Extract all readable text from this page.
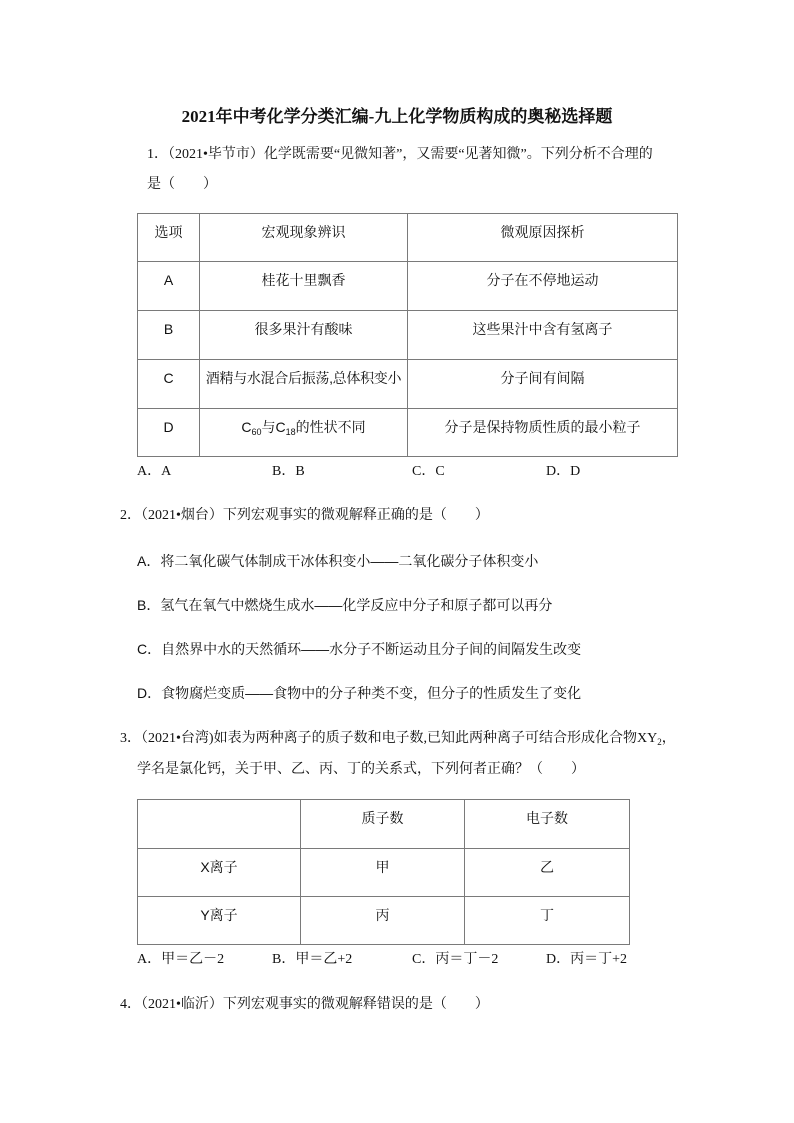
2021年中考化学分类汇编-九上化学物质构成的奥秘选择题
1．（2021•毕节市）化学既需要“见微知著”，又需要“见著知微”。下列分析不合理的
是（　　）
选项	宏观现象辨识	微观原因探析
A	桂花十里飘香	分子在不停地运动
B	很多果汁有酸味	这些果汁中含有氢离子
C	酒精与水混合后振荡,总体积变小	分子间有间隔
D	$C_{60}$与$C_{18}$的性状不同	分子是保持物质性质的最小粒子
A．A	B．B	C．C	D．D
2．（2021•烟台）下列宏观事实的微观解释正确的是（　　）
A．将二氧化碳气体制成干冰体积变小——二氧化碳分子体积变小
B．氢气在氧气中燃烧生成水——化学反应中分子和原子都可以再分
C．自然界中水的天然循环——水分子不断运动且分子间的间隔发生改变
D．食物腐烂变质——食物中的分子种类不变，但分子的性质发生了变化
3．（2021•台湾)如表为两种离子的质子数和电子数,已知此两种离子可结合形成化合物$XY_2$，
学名是氯化钙，关于甲、乙、丙、丁的关系式，下列何者正确？（　　）
	质子数	电子数
X离子	甲	乙
Y离子	丙	丁
A．甲＝乙－2	B．甲＝乙+2	C．丙＝丁－2	D．丙＝丁+2
4．（2021•临沂）下列宏观事实的微观解释错误的是（　　）
